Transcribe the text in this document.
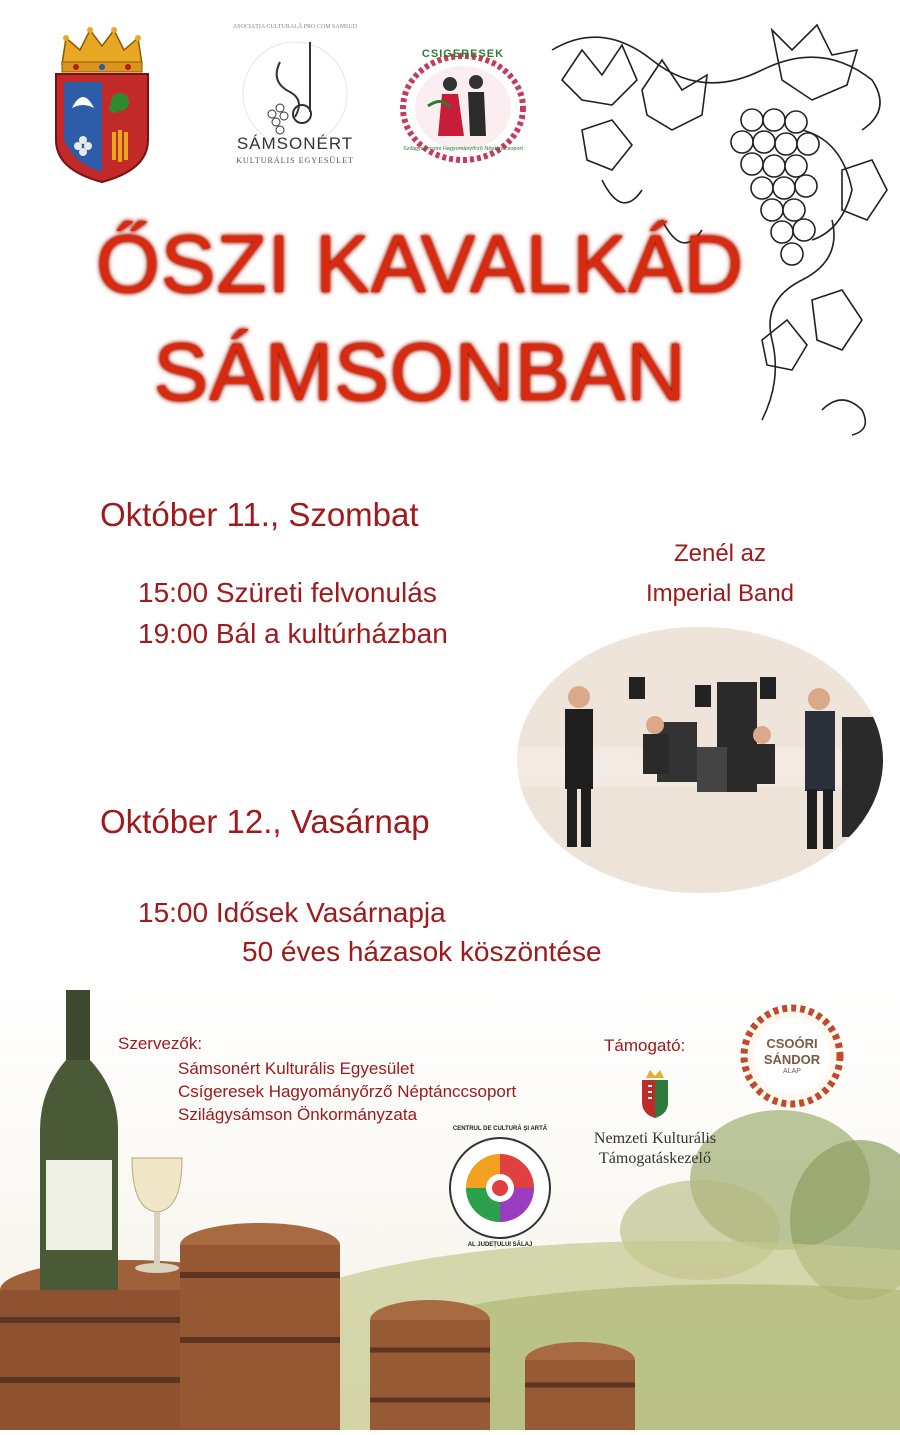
SÁMSONÉRT
KULTURÁLIS EGYESÜLET
ASOCIAȚIA CULTURALĂ PRO COM SAMSUD
CSIGERESEK
Szilágysámsoni Hagyományőrző Néptánccsoport
ŐSZI KAVALKÁD
SÁMSONBAN
Október 11., Szombat
15:00 Szüreti felvonulás
19:00 Bál a kultúrházban
Zenél az
Imperial Band
Október 12., Vasárnap
15:00 Idősek Vasárnapja
50 éves házasok köszöntése
Szervezők:
Sámsonért Kulturális Egyesület
Csígeresek Hagyományőrző Néptánccsoport
Szilágysámson Önkormányzata
Támogató:	CSOÓRI
SÁNDOR
ALAP
Nemzeti Kulturális
Támogatáskezelő
CENTRUL DE CULTURĂ ȘI ARTĂ
AL JUDEȚULUI SĂLAJ
